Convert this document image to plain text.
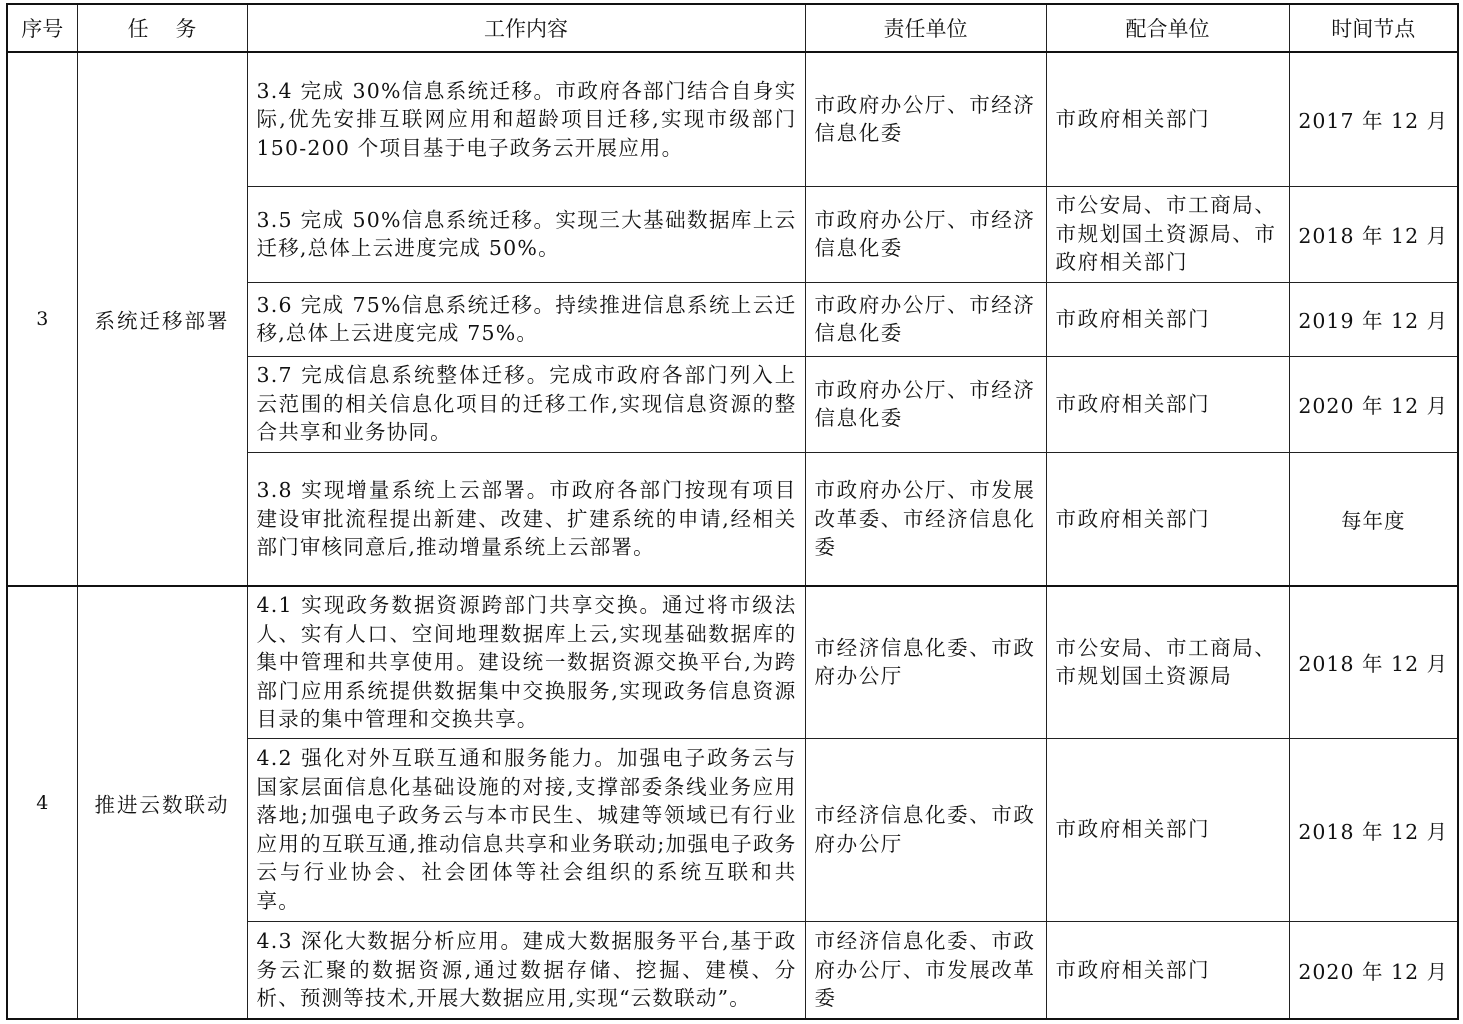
序号	任    务	工作内容	责任单位	配合单位	时间节点
3	系统迁移部署	3.4 完成 30%信息系统迁移。市政府各部门结合自身实际,优先安排互联网应用和超龄项目迁移,实现市级部门 150-200 个项目基于电子政务云开展应用。	市政府办公厅、市经济信息化委	市政府相关部门	2017 年 12 月
		3.5 完成 50%信息系统迁移。实现三大基础数据库上云迁移,总体上云进度完成 50%。	市政府办公厅、市经济信息化委	市公安局、市工商局、市规划国土资源局、市政府相关部门	2018 年 12 月
		3.6 完成 75%信息系统迁移。持续推进信息系统上云迁移,总体上云进度完成 75%。	市政府办公厅、市经济信息化委	市政府相关部门	2019 年 12 月
		3.7 完成信息系统整体迁移。完成市政府各部门列入上云范围的相关信息化项目的迁移工作,实现信息资源的整合共享和业务协同。	市政府办公厅、市经济信息化委	市政府相关部门	2020 年 12 月
		3.8 实现增量系统上云部署。市政府各部门按现有项目建设审批流程提出新建、改建、扩建系统的申请,经相关部门审核同意后,推动增量系统上云部署。	市政府办公厅、市发展改革委、市经济信息化委	市政府相关部门	每年度
4	推进云数联动	4.1 实现政务数据资源跨部门共享交换。通过将市级法人、实有人口、空间地理数据库上云,实现基础数据库的集中管理和共享使用。建设统一数据资源交换平台,为跨部门应用系统提供数据集中交换服务,实现政务信息资源目录的集中管理和交换共享。	市经济信息化委、市政府办公厅	市公安局、市工商局、市规划国土资源局	2018 年 12 月
		4.2 强化对外互联互通和服务能力。加强电子政务云与国家层面信息化基础设施的对接,支撑部委条线业务应用落地;加强电子政务云与本市民生、城建等领域已有行业应用的互联互通,推动信息共享和业务联动;加强电子政务云与行业协会、社会团体等社会组织的系统互联和共享。	市经济信息化委、市政府办公厅	市政府相关部门	2018 年 12 月
		4.3 深化大数据分析应用。建成大数据服务平台,基于政务云汇聚的数据资源,通过数据存储、挖掘、建模、分析、预测等技术,开展大数据应用,实现“云数联动”。	市经济信息化委、市政府办公厅、市发展改革委	市政府相关部门	2020 年 12 月
